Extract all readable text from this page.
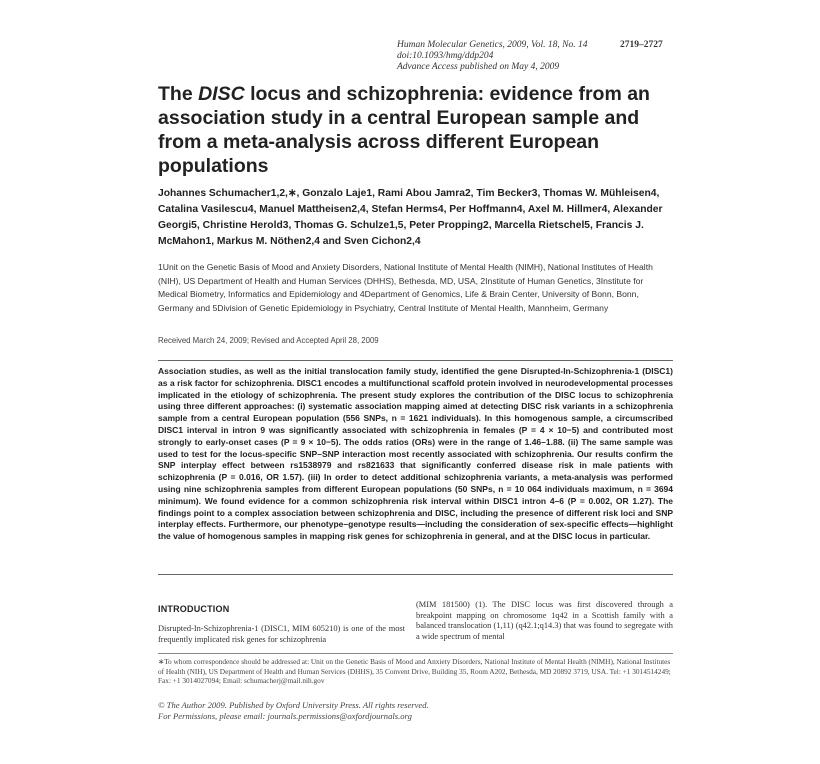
Human Molecular Genetics, 2009, Vol. 18, No. 14	2719–2727
doi:10.1093/hmg/ddp204
Advance Access published on May 4, 2009
The DISC locus and schizophrenia: evidence from an association study in a central European sample and from a meta-analysis across different European populations
Johannes Schumacher1,2,∗, Gonzalo Laje1, Rami Abou Jamra2, Tim Becker3, Thomas W. Mühleisen4, Catalina Vasilescu4, Manuel Mattheisen2,4, Stefan Herms4, Per Hoffmann4, Axel M. Hillmer4, Alexander Georgi5, Christine Herold3, Thomas G. Schulze1,5, Peter Propping2, Marcella Rietschel5, Francis J. McMahon1, Markus M. Nöthen2,4 and Sven Cichon2,4
1Unit on the Genetic Basis of Mood and Anxiety Disorders, National Institute of Mental Health (NIMH), National Institutes of Health (NIH), US Department of Health and Human Services (DHHS), Bethesda, MD, USA, 2Institute of Human Genetics, 3Institute for Medical Biometry, Informatics and Epidemiology and 4Department of Genomics, Life & Brain Center, University of Bonn, Bonn, Germany and 5Division of Genetic Epidemiology in Psychiatry, Central Institute of Mental Health, Mannheim, Germany
Received March 24, 2009; Revised and Accepted April 28, 2009
Association studies, as well as the initial translocation family study, identified the gene Disrupted-In-Schizophrenia-1 (DISC1) as a risk factor for schizophrenia. DISC1 encodes a multifunctional scaffold protein involved in neurodevelopmental processes implicated in the etiology of schizophrenia. The present study explores the contribution of the DISC locus to schizophrenia using three different approaches: (i) systematic association mapping aimed at detecting DISC risk variants in a schizophrenia sample from a central European population (556 SNPs, n = 1621 individuals). In this homogenous sample, a circumscribed DISC1 interval in intron 9 was significantly associated with schizophrenia in females (P = 4 × 10−5) and contributed most strongly to early-onset cases (P = 9 × 10−5). The odds ratios (ORs) were in the range of 1.46–1.88. (ii) The same sample was used to test for the locus-specific SNP–SNP interaction most recently associated with schizophrenia. Our results confirm the SNP interplay effect between rs1538979 and rs821633 that significantly conferred disease risk in male patients with schizophrenia (P = 0.016, OR 1.57). (iii) In order to detect additional schizophrenia variants, a meta-analysis was performed using nine schizophrenia samples from different European populations (50 SNPs, n = 10 064 individuals maximum, n = 3694 minimum). We found evidence for a common schizophrenia risk interval within DISC1 intron 4–6 (P = 0.002, OR 1.27). The findings point to a complex association between schizophrenia and DISC, including the presence of different risk loci and SNP interplay effects. Furthermore, our phenotype–genotype results—including the consideration of sex-specific effects—highlight the value of homogenous samples in mapping risk genes for schizophrenia in general, and at the DISC locus in particular.
INTRODUCTION
Disrupted-In-Schizophrenia-1 (DISC1, MIM 605210) is one of the most frequently implicated risk genes for schizophrenia
(MIM 181500) (1). The DISC locus was first discovered through a breakpoint mapping on chromosome 1q42 in a Scottish family with a balanced translocation (1,11) (q42.1;q14.3) that was found to segregate with a wide spectrum of mental
∗To whom correspondence should be addressed at: Unit on the Genetic Basis of Mood and Anxiety Disorders, National Institute of Mental Health (NIMH), National Institutes of Health (NIH), US Department of Health and Human Services (DHHS), 35 Convent Drive, Building 35, Room A202, Bethesda, MD 20892 3719, USA. Tel: +1 3014514249; Fax: +1 3014027094; Email: schumacherj@mail.nih.gov
© The Author 2009. Published by Oxford University Press. All rights reserved.
For Permissions, please email: journals.permissions@oxfordjournals.org
